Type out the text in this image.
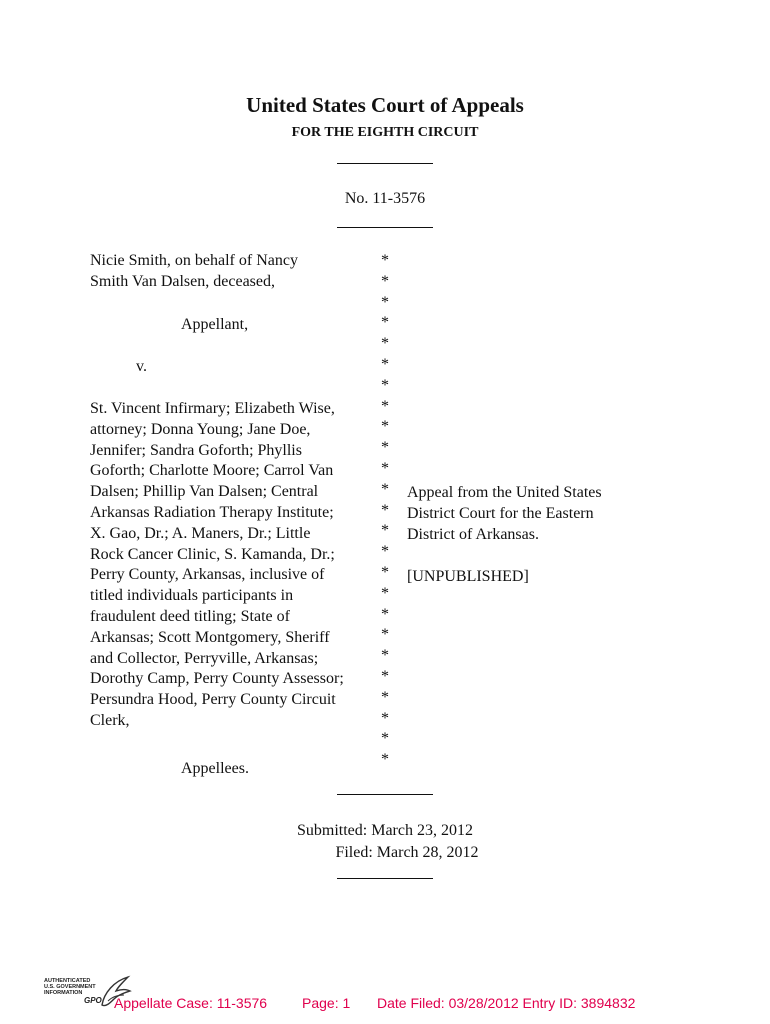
United States Court of Appeals
FOR THE EIGHTH CIRCUIT
No. 11-3576
Nicie Smith, on behalf of Nancy
Smith Van Dalsen, deceased,
Appellant,
v.
St. Vincent Infirmary; Elizabeth Wise,
attorney; Donna Young; Jane Doe,
Jennifer; Sandra Goforth; Phyllis
Goforth; Charlotte Moore; Carrol Van
Dalsen; Phillip Van Dalsen; Central
Arkansas Radiation Therapy Institute;
X. Gao, Dr.; A. Maners, Dr.; Little
Rock Cancer Clinic, S. Kamanda, Dr.;
Perry County, Arkansas, inclusive of
titled individuals participants in
fraudulent deed titling; State of
Arkansas; Scott Montgomery, Sheriff
and Collector, Perryville, Arkansas;
Dorothy Camp, Perry County Assessor;
Persundra Hood, Perry County Circuit
Clerk,
Appellees.
*
*
*
*
*
*
*
*
*
*
*
*
*
*
*
*
*
*
*
*
*
*
*
*
*
Appeal from the United States
District Court for the Eastern
District of Arkansas.
[UNPUBLISHED]
Submitted: March 23, 2012
Filed: March 28, 2012
AUTHENTICATED
U.S. GOVERNMENT
INFORMATION
GPO Appellate Case: 11-3576 Page: 1 Date Filed: 03/28/2012 Entry ID: 3894832
